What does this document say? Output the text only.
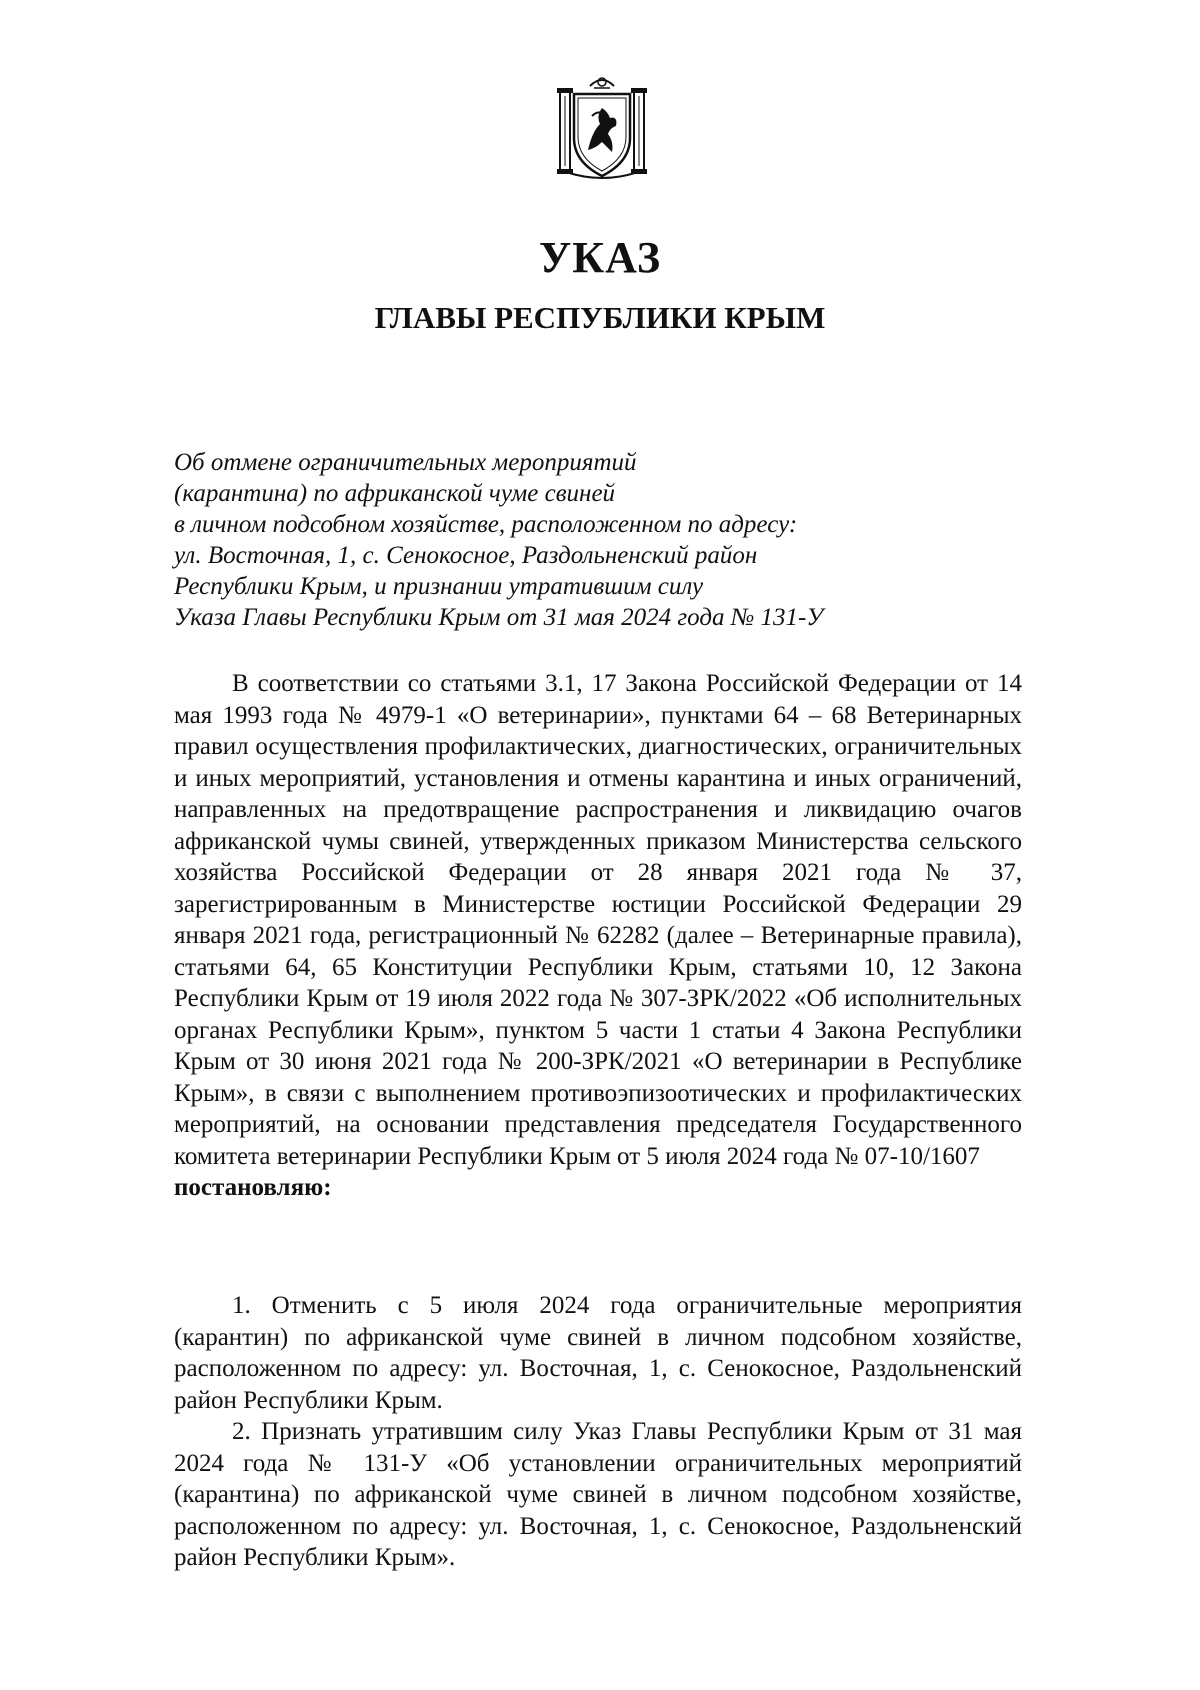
УКАЗ
ГЛАВЫ РЕСПУБЛИКИ КРЫМ
Об отмене ограничительных мероприятий
(карантина) по африканской чуме свиней
в личном подсобном хозяйстве, расположенном по адресу:
ул. Восточная, 1, с. Сенокосное, Раздольненский район
Республики Крым, и признании утратившим силу
Указа Главы Республики Крым от 31 мая 2024 года № 131-У

В соответствии со статьями 3.1, 17 Закона Российской Федерации от 14 мая 1993 года № 4979-1 «О ветеринарии», пунктами 64 – 68 Ветеринарных правил осуществления профилактических, диагностических, ограничительных и иных мероприятий, установления и отмены карантина и иных ограничений, направленных на предотвращение распространения и ликвидацию очагов африканской чумы свиней, утвержденных приказом Министерства сельского хозяйства Российской Федерации от 28 января 2021 года № 37, зарегистрированным в Министерстве юстиции Российской Федерации 29 января 2021 года, регистрационный № 62282 (далее – Ветеринарные правила), статьями 64, 65 Конституции Республики Крым, статьями 10, 12 Закона Республики Крым от 19 июля 2022 года № 307-ЗРК/2022 «Об исполнительных органах Республики Крым», пунктом 5 части 1 статьи 4 Закона Республики Крым от 30 июня 2021 года № 200-ЗРК/2021 «О ветеринарии в Республике Крым», в связи с выполнением противоэпизоотических и профилактических мероприятий, на основании представления председателя Государственного комитета ветеринарии Республики Крым от 5 июля 2024 года № 07-10/1607
постановляю:

1. Отменить с 5 июля 2024 года ограничительные мероприятия (карантин) по африканской чуме свиней в личном подсобном хозяйстве, расположенном по адресу: ул. Восточная, 1, с. Сенокосное, Раздольненский район Республики Крым.

2. Признать утратившим силу Указ Главы Республики Крым от 31 мая 2024 года № 131-У «Об установлении ограничительных мероприятий (карантина) по африканской чуме свиней в личном подсобном хозяйстве, расположенном по адресу: ул. Восточная, 1, с. Сенокосное, Раздольненский район Республики Крым».
